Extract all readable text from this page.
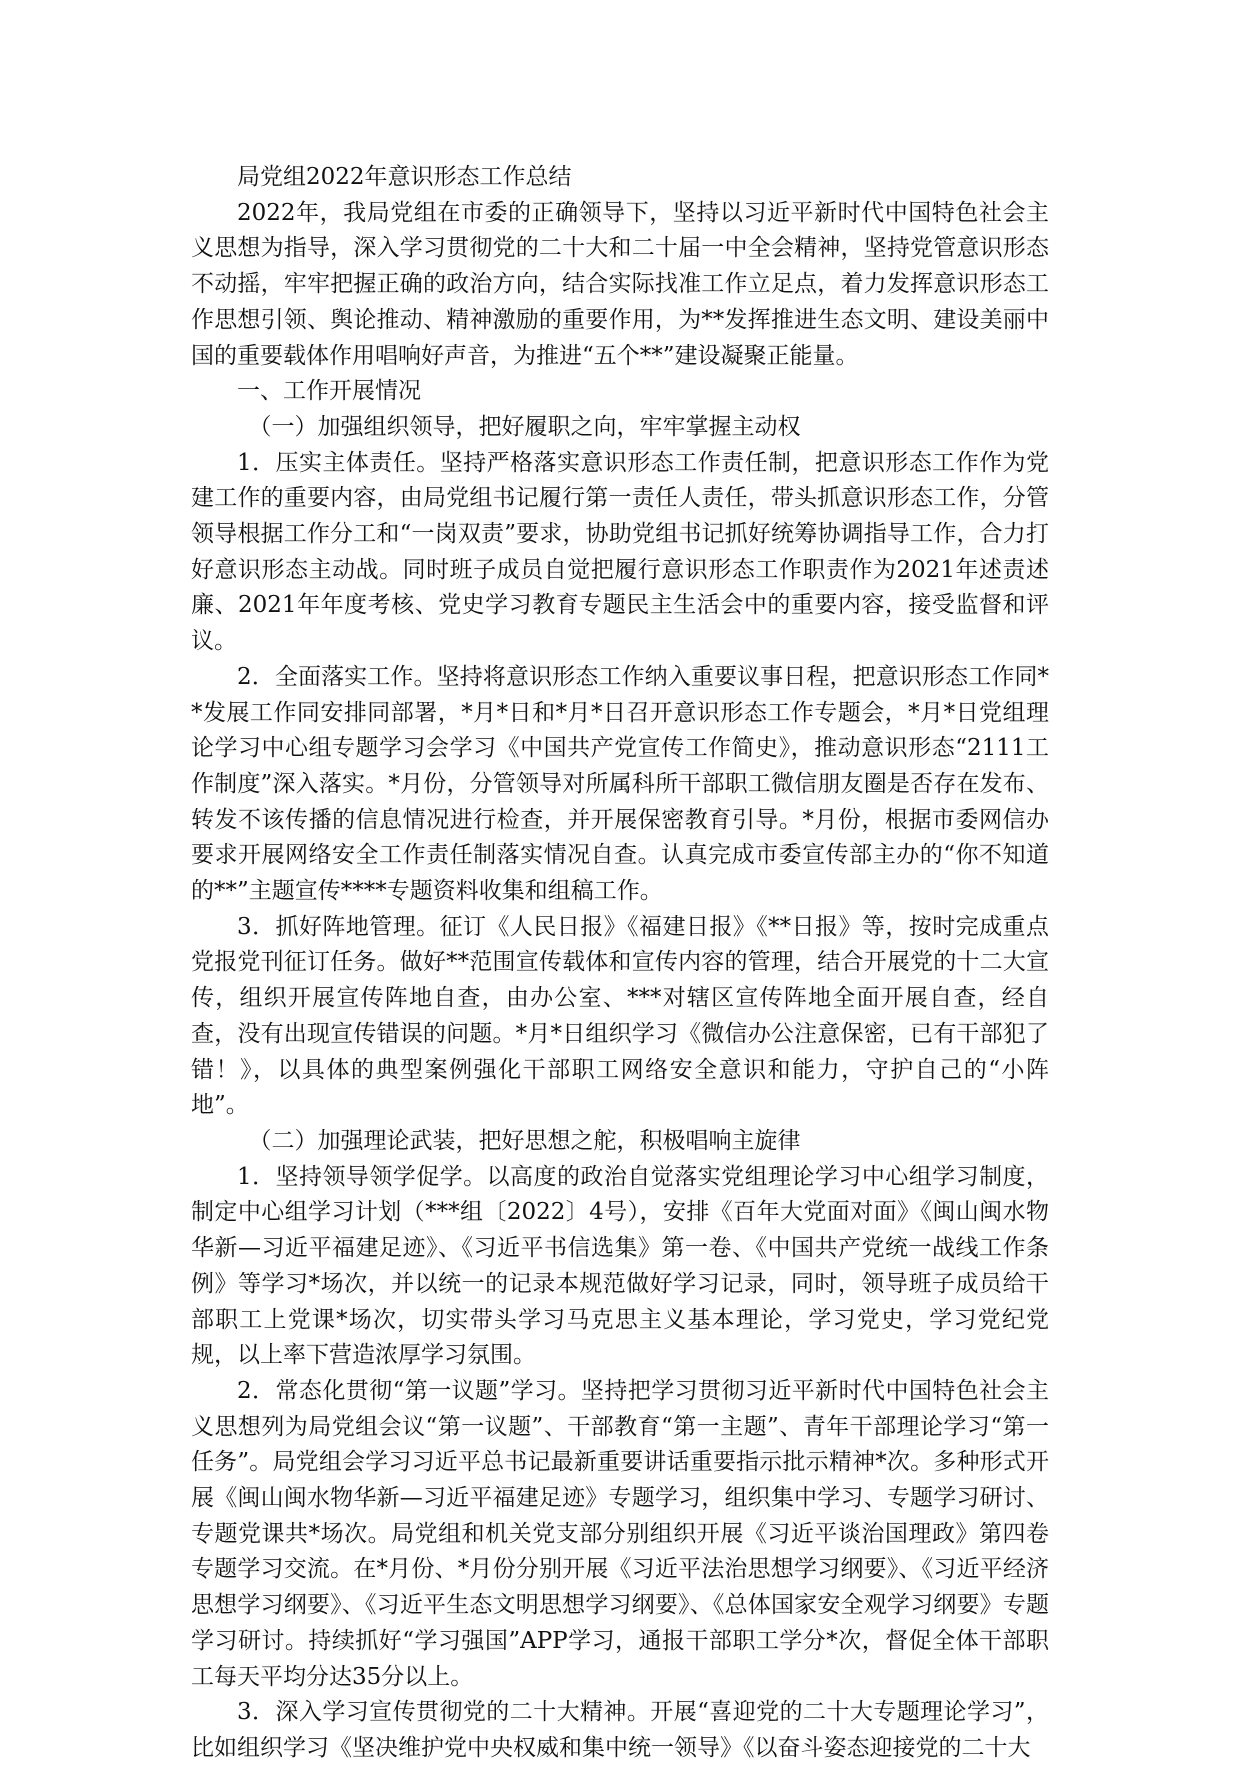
局党组2022年意识形态工作总结

2022年，我局党组在市委的正确领导下，坚持以习近平新时代中国特色社会主义思想为指导，深入学习贯彻党的二十大和二十届一中全会精神，坚持党管意识形态不动摇，牢牢把握正确的政治方向，结合实际找准工作立足点，着力发挥意识形态工作思想引领、舆论推动、精神激励的重要作用，为**发挥推进生态文明、建设美丽中国的重要载体作用唱响好声音，为推进“五个**”建设凝聚正能量。

一、工作开展情况

（一）加强组织领导，把好履职之向，牢牢掌握主动权

1．压实主体责任。坚持严格落实意识形态工作责任制，把意识形态工作作为党建工作的重要内容，由局党组书记履行第一责任人责任，带头抓意识形态工作，分管领导根据工作分工和“一岗双责”要求，协助党组书记抓好统筹协调指导工作，合力打好意识形态主动战。同时班子成员自觉把履行意识形态工作职责作为2021年述责述廉、2021年年度考核、党史学习教育专题民主生活会中的重要内容，接受监督和评议。

2．全面落实工作。坚持将意识形态工作纳入重要议事日程，把意识形态工作同**发展工作同安排同部署，*月*日和*月*日召开意识形态工作专题会，*月*日党组理论学习中心组专题学习会学习《中国共产党宣传工作简史》，推动意识形态“2111工作制度”深入落实。*月份，分管领导对所属科所干部职工微信朋友圈是否存在发布、转发不该传播的信息情况进行检查，并开展保密教育引导。*月份，根据市委网信办要求开展网络安全工作责任制落实情况自查。认真完成市委宣传部主办的“你不知道的**”主题宣传****专题资料收集和组稿工作。

3．抓好阵地管理。征订《人民日报》《福建日报》《**日报》等，按时完成重点党报党刊征订任务。做好**范围宣传载体和宣传内容的管理，结合开展党的十二大宣传，组织开展宣传阵地自查，由办公室、***对辖区宣传阵地全面开展自查，经自查，没有出现宣传错误的问题。*月*日组织学习《微信办公注意保密，已有干部犯了错！》，以具体的典型案例强化干部职工网络安全意识和能力，守护自己的“小阵地”。

（二）加强理论武装，把好思想之舵，积极唱响主旋律

1．坚持领导领学促学。以高度的政治自觉落实党组理论学习中心组学习制度，制定中心组学习计划（***组〔2022〕4号），安排《百年大党面对面》《闽山闽水物华新—习近平福建足迹》、《习近平书信选集》第一卷、《中国共产党统一战线工作条例》等学习*场次，并以统一的记录本规范做好学习记录，同时，领导班子成员给干部职工上党课*场次，切实带头学习马克思主义基本理论，学习党史，学习党纪党规，以上率下营造浓厚学习氛围。

2．常态化贯彻“第一议题”学习。坚持把学习贯彻习近平新时代中国特色社会主义思想列为局党组会议“第一议题”、干部教育“第一主题”、青年干部理论学习“第一任务”。局党组会学习习近平总书记最新重要讲话重要指示批示精神*次。多种形式开展《闽山闽水物华新—习近平福建足迹》专题学习，组织集中学习、专题学习研讨、专题党课共*场次。局党组和机关党支部分别组织开展《习近平谈治国理政》第四卷专题学习交流。在*月份、*月份分别开展《习近平法治思想学习纲要》、《习近平经济思想学习纲要》、《习近平生态文明思想学习纲要》、《总体国家安全观学习纲要》专题学习研讨。持续抓好“学习强国”APP学习，通报干部职工学分*次，督促全体干部职工每天平均分达35分以上。

3．深入学习宣传贯彻党的二十大精神。开展“喜迎党的二十大专题理论学习”，比如组织学习《坚决维护党中央权威和集中统一领导》《以奋斗姿态迎接党的二十大
